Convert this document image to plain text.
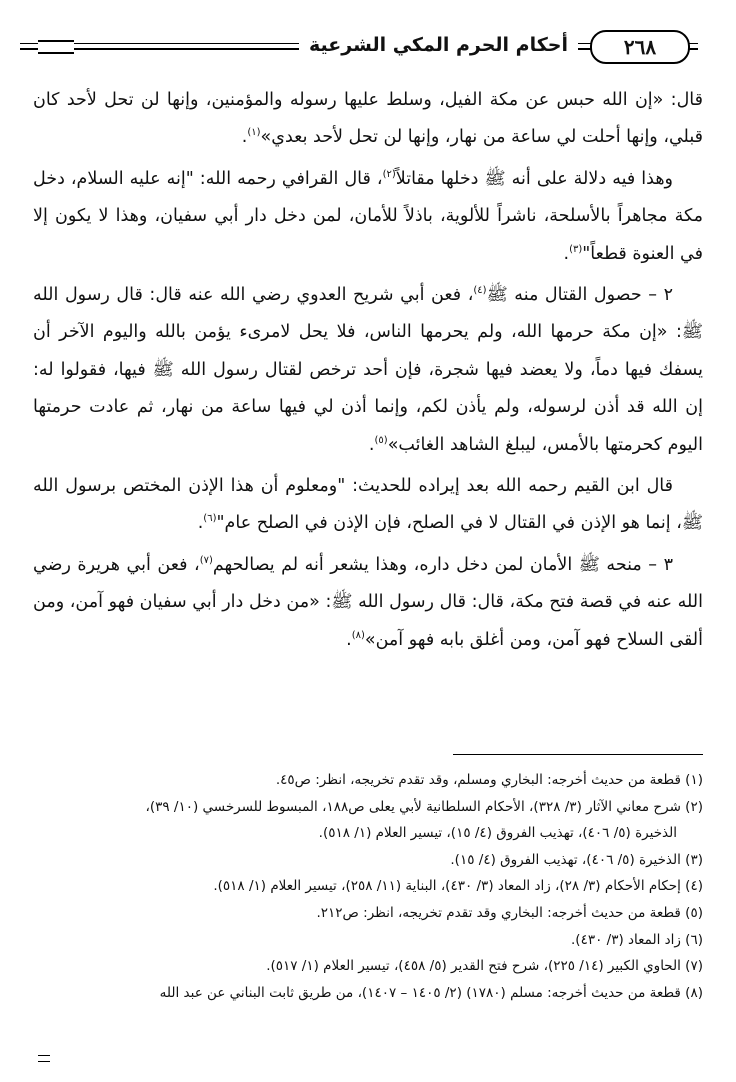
أحكام الحرم المكي الشرعية	٢٦٨

قال: «إن الله حبس عن مكة الفيل، وسلط عليها رسوله والمؤمنين، وإنها لن تحل لأحد كان قبلي، وإنها أحلت لي ساعة من نهار، وإنها لن تحل لأحد بعدي»$^{(١)}$.

وهذا فيه دلالة على أنه ﷺ دخلها مقاتلاً$^{(٢)}$، قال القرافي رحمه الله: "إنه عليه السلام، دخل مكة مجاهراً بالأسلحة، ناشراً للألوية، باذلاً للأمان، لمن دخل دار أبي سفيان، وهذا لا يكون إلا في العنوة قطعاً"$^{(٣)}$.

٢ – حصول القتال منه ﷺ$^{(٤)}$، فعن أبي شريح العدوي رضي الله عنه قال: قال رسول الله ﷺ: «إن مكة حرمها الله، ولم يحرمها الناس، فلا يحل لامرىء يؤمن بالله واليوم الآخر أن يسفك فيها دماً، ولا يعضد فيها شجرة، فإن أحد ترخص لقتال رسول الله ﷺ فيها، فقولوا له: إن الله قد أذن لرسوله، ولم يأذن لكم، وإنما أذن لي فيها ساعة من نهار، ثم عادت حرمتها اليوم كحرمتها بالأمس، ليبلغ الشاهد الغائب»$^{(٥)}$.

قال ابن القيم رحمه الله بعد إيراده للحديث: "ومعلوم أن هذا الإذن المختص برسول الله ﷺ، إنما هو الإذن في القتال لا في الصلح، فإن الإذن في الصلح عام"$^{(٦)}$.

٣ – منحه ﷺ الأمان لمن دخل داره، وهذا يشعر أنه لم يصالحهم$^{(٧)}$، فعن أبي هريرة رضي الله عنه في قصة فتح مكة، قال: قال رسول الله ﷺ: «من دخل دار أبي سفيان فهو آمن، ومن ألقى السلاح فهو آمن، ومن أغلق بابه فهو آمن»$^{(٨)}$.

(١) قطعة من حديث أخرجه: البخاري ومسلم، وقد تقدم تخريجه، انظر: ص٤٥.
(٢) شرح معاني الآثار (٣/ ٣٢٨)، الأحكام السلطانية لأبي يعلى ص١٨٨، المبسوط للسرخسي (١٠/ ٣٩)،
الذخيرة (٥/ ٤٠٦)، تهذيب الفروق (٤/ ١٥)، تيسير العلام (١/ ٥١٨).
(٣) الذخيرة (٥/ ٤٠٦)، تهذيب الفروق (٤/ ١٥).
(٤) إحكام الأحكام (٣/ ٢٨)، زاد المعاد (٣/ ٤٣٠)، البناية (١١/ ٢٥٨)، تيسير العلام (١/ ٥١٨).
(٥) قطعة من حديث أخرجه: البخاري وقد تقدم تخريجه، انظر: ص٢١٢.
(٦) زاد المعاد (٣/ ٤٣٠).
(٧) الحاوي الكبير (١٤/ ٢٢٥)، شرح فتح القدير (٥/ ٤٥٨)، تيسير العلام (١/ ٥١٧).
(٨) قطعة من حديث أخرجه: مسلم (١٧٨٠) (٢/ ١٤٠٥ – ١٤٠٧)، من طريق ثابت البناني عن عبد الله
